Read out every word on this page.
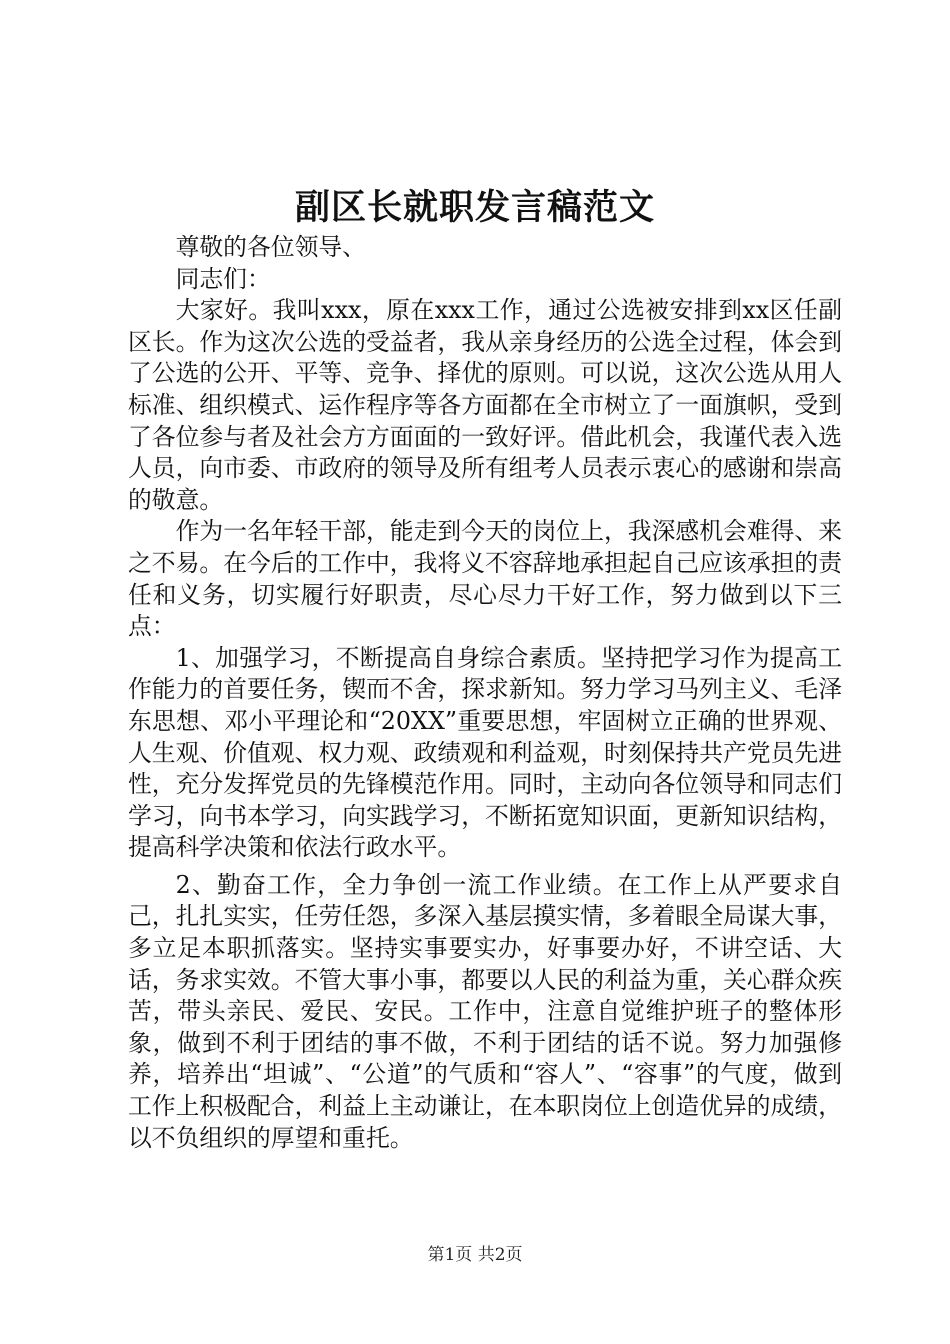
副区长就职发言稿范文

尊敬的各位领导、

同志们：

大家好。我叫xxx，原在xxx工作，通过公选被安排到xx区任副区长。作为这次公选的受益者，我从亲身经历的公选全过程，体会到了公选的公开、平等、竞争、择优的原则。可以说，这次公选从用人标准、组织模式、运作程序等各方面都在全市树立了一面旗帜，受到了各位参与者及社会方方面面的一致好评。借此机会，我谨代表入选人员，向市委、市政府的领导及所有组考人员表示衷心的感谢和崇高的敬意。

作为一名年轻干部，能走到今天的岗位上，我深感机会难得、来之不易。在今后的工作中，我将义不容辞地承担起自己应该承担的责任和义务，切实履行好职责，尽心尽力干好工作，努力做到以下三点：

1、加强学习，不断提高自身综合素质。坚持把学习作为提高工作能力的首要任务，锲而不舍，探求新知。努力学习马列主义、毛泽东思想、邓小平理论和“20XX”重要思想，牢固树立正确的世界观、人生观、价值观、权力观、政绩观和利益观，时刻保持共产党员先进性，充分发挥党员的先锋模范作用。同时，主动向各位领导和同志们学习，向书本学习，向实践学习，不断拓宽知识面，更新知识结构，提高科学决策和依法行政水平。

2、勤奋工作，全力争创一流工作业绩。在工作上从严要求自己，扎扎实实，任劳任怨，多深入基层摸实情，多着眼全局谋大事，多立足本职抓落实。坚持实事要实办，好事要办好，不讲空话、大话，务求实效。不管大事小事，都要以人民的利益为重，关心群众疾苦，带头亲民、爱民、安民。工作中，注意自觉维护班子的整体形象，做到不利于团结的事不做，不利于团结的话不说。努力加强修养，培养出“坦诚”、“公道”的气质和“容人”、“容事”的气度，做到工作上积极配合，利益上主动谦让，在本职岗位上创造优异的成绩，以不负组织的厚望和重托。

第1页 共2页
